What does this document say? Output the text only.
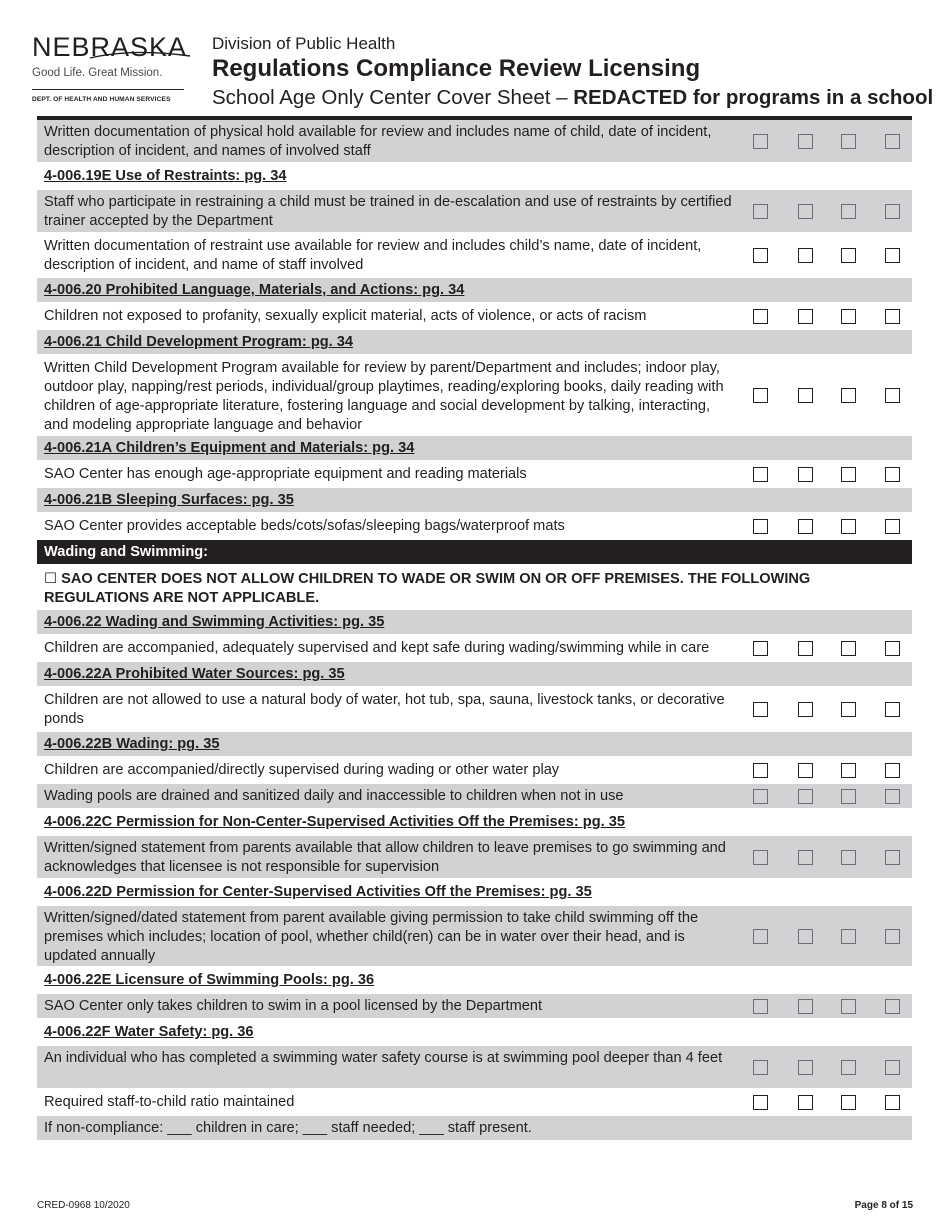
NEBRASKA
Good Life. Great Mission.
DEPT. OF HEALTH AND HUMAN SERVICES
Division of Public Health
Regulations Compliance Review Licensing
School Age Only Center Cover Sheet – REDACTED for programs in a school
Written documentation of physical hold available for review and includes name of child, date of incident, description of incident, and names of involved staff
4-006.19E Use of Restraints: pg. 34
Staff who participate in restraining a child must be trained in de-escalation and use of restraints by certified trainer accepted by the Department
Written documentation of restraint use available for review and includes child’s name, date of incident, description of incident, and name of staff involved
4-006.20 Prohibited Language, Materials, and Actions: pg. 34
Children not exposed to profanity, sexually explicit material, acts of violence, or acts of racism
4-006.21 Child Development Program: pg. 34
Written Child Development Program available for review by parent/Department and includes; indoor play, outdoor play, napping/rest periods, individual/group playtimes, reading/exploring books, daily reading with children of age-appropriate literature, fostering language and social development by talking, interacting, and modeling appropriate language and behavior
4-006.21A Children’s Equipment and Materials: pg. 34
SAO Center has enough age-appropriate equipment and reading materials
4-006.21B Sleeping Surfaces: pg. 35
SAO Center provides acceptable beds/cots/sofas/sleeping bags/waterproof mats
Wading and Swimming:
☐ SAO CENTER DOES NOT ALLOW CHILDREN TO WADE OR SWIM ON OR OFF PREMISES. THE FOLLOWING REGULATIONS ARE NOT APPLICABLE.
4-006.22 Wading and Swimming Activities: pg. 35
Children are accompanied, adequately supervised and kept safe during wading/swimming while in care
4-006.22A Prohibited Water Sources: pg. 35
Children are not allowed to use a natural body of water, hot tub, spa, sauna, livestock tanks, or decorative ponds
4-006.22B Wading: pg. 35
Children are accompanied/directly supervised during wading or other water play
Wading pools are drained and sanitized daily and inaccessible to children when not in use
4-006.22C Permission for Non-Center-Supervised Activities Off the Premises: pg. 35
Written/signed statement from parents available that allow children to leave premises to go swimming and acknowledges that licensee is not responsible for supervision
4-006.22D Permission for Center-Supervised Activities Off the Premises: pg. 35
Written/signed/dated statement from parent available giving permission to take child swimming off the premises which includes; location of pool, whether child(ren) can be in water over their head, and is updated annually
4-006.22E Licensure of Swimming Pools: pg. 36
SAO Center only takes children to swim in a pool licensed by the Department
4-006.22F Water Safety: pg. 36
An individual who has completed a swimming water safety course is at swimming pool deeper than 4 feet
Required staff-to-child ratio maintained
If non-compliance: ___ children in care; ___ staff needed; ___ staff present.
CRED-0968 10/2020	Page 8 of 15
